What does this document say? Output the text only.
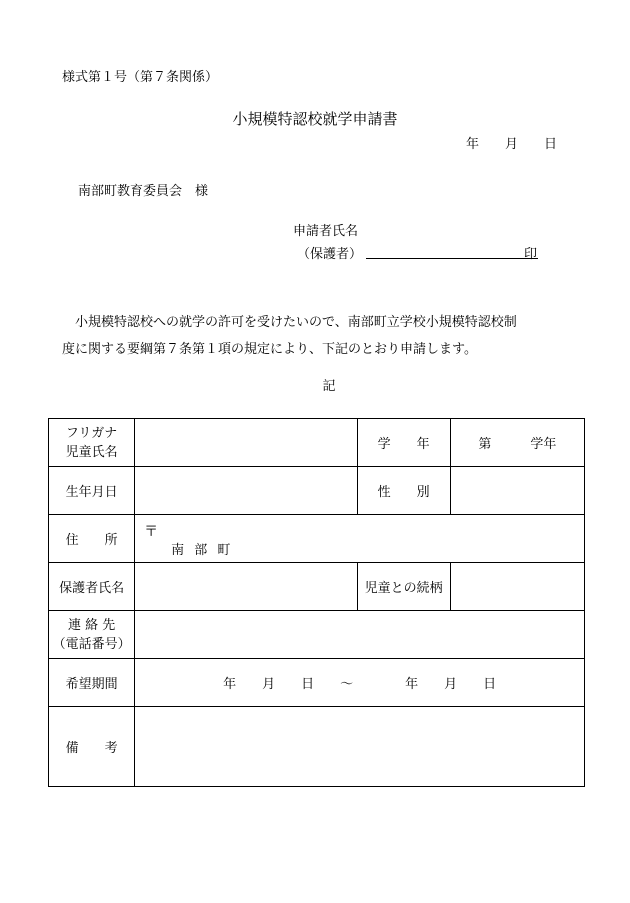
様式第１号（第７条関係）
小規模特認校就学申請書
年　　月　　日
南部町教育委員会　様
申請者氏名
（保護者）	印

小規模特認校への就学の許可を受けたいので、南部町立学校小規模特認校制

度に関する要綱第７条第１項の規定により、下記のとおり申請します。

記
フリガナ
児童氏名		学　　年	第　　　学年
生年月日		性　　別	
住　　所	〒
南 部 町		

保護者氏名		児童との続柄	

連 絡 先
（電話番号）			

希望期間	年　　月　　日　　～　　　　年　　月　　日		
備　　考			
